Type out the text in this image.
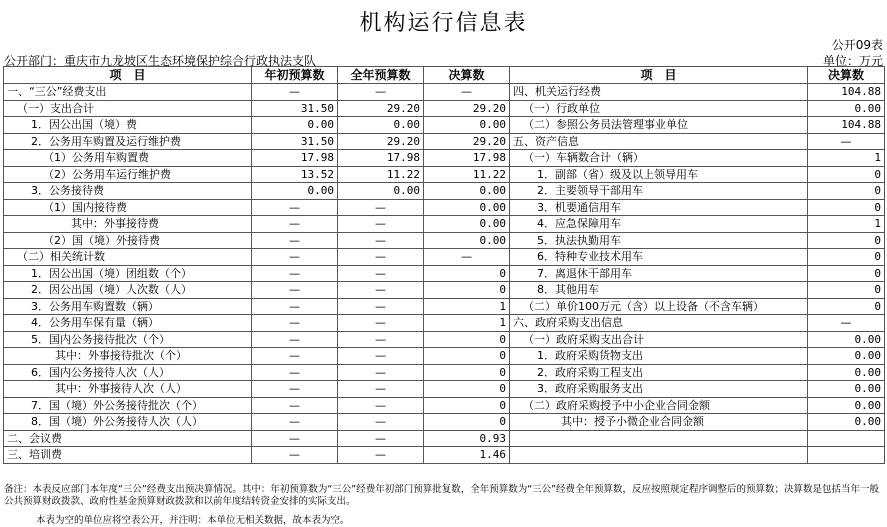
机构运行信息表
公开09表
公开部门：重庆市九龙坡区生态环境保护综合行政执法支队	单位：万元
项　目	年初预算数	全年预算数	决算数	项　目	决算数
一、“三公”经费支出	—	—	—	四、机关运行经费	104.88
（一）支出合计	31.50	29.20	29.20	（一）行政单位	0.00
1．因公出国（境）费	0.00	0.00	0.00	（二）参照公务员法管理事业单位	104.88
2．公务用车购置及运行维护费	31.50	29.20	29.20	五、资产信息	—
（1）公务用车购置费	17.98	17.98	17.98	（一）车辆数合计（辆）	1
（2）公务用车运行维护费	13.52	11.22	11.22	1．副部（省）级及以上领导用车	0
3．公务接待费	0.00	0.00	0.00	2．主要领导干部用车	0
（1）国内接待费	—	—	0.00	3．机要通信用车	0
其中：外事接待费	—	—	0.00	4．应急保障用车	1
（2）国（境）外接待费	—	—	0.00	5．执法执勤用车	0
（二）相关统计数	—	—	—	6．特种专业技术用车	0
1．因公出国（境）团组数（个）	—	—	0	7．离退休干部用车	0
2．因公出国（境）人次数（人）	—	—	0	8．其他用车	0
3．公务用车购置数（辆）	—	—	1	（二）单价100万元（含）以上设备（不含车辆）	0
4．公务用车保有量（辆）	—	—	1	六、政府采购支出信息	—
5．国内公务接待批次（个）	—	—	0	（一）政府采购支出合计	0.00
其中：外事接待批次（个）	—	—	0	1．政府采购货物支出	0.00
6．国内公务接待人次（人）	—	—	0	2．政府采购工程支出	0.00
其中：外事接待人次（人）	—	—	0	3．政府采购服务支出	0.00
7．国（境）外公务接待批次（个）	—	—	0	（二）政府采购授予中小企业合同金额	0.00
8．国（境）外公务接待人次（人）	—	—	0	其中：授予小微企业合同金额	0.00
二、会议费	—	—	0.93		
三、培训费	—	—	1.46		
备注：本表反应部门本年度“三公”经费支出预决算情况。其中：年初预算数为“三公”经费年初部门预算批复数，全年预算数为“三公”经费全年预算数，反应按照规定程序调整后的预算数；决算数是包括当年一般公共预算财政拨款、政府性基金预算财政拨款和以前年度结转资金安排的实际支出。
本表为空的单位应将空表公开，并注明：本单位无相关数据，故本表为空。
